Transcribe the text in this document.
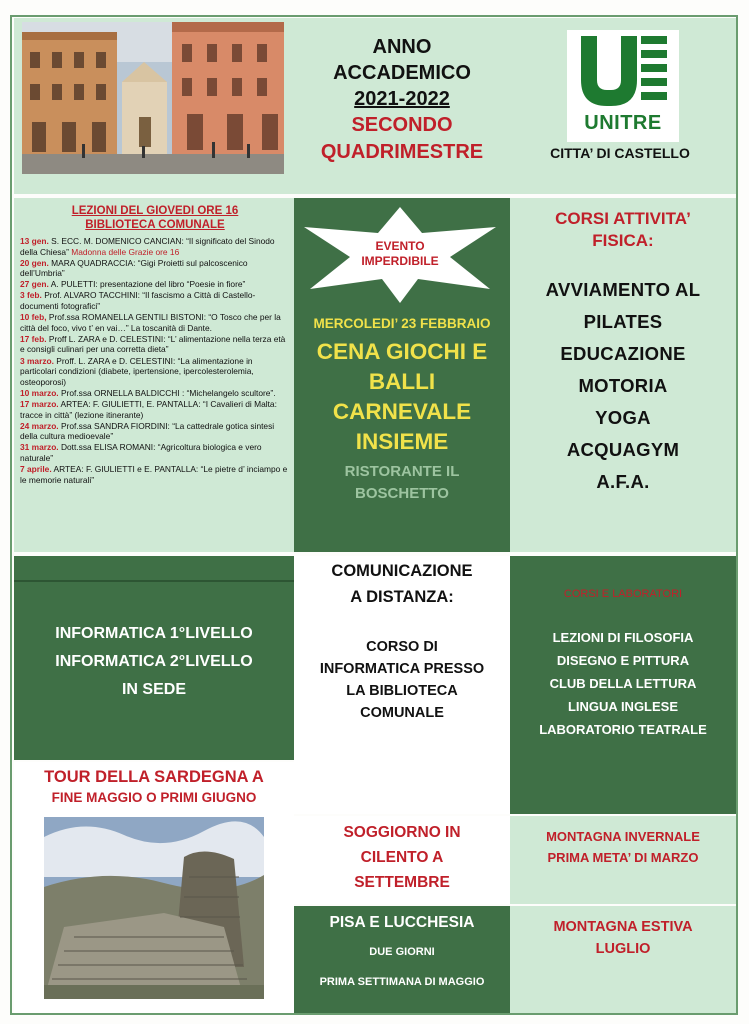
ANNO
ACCADEMICO
2021-2022
SECONDO
QUADRIMESTRE
UNITRE
CITTA’ DI CASTELLO
LEZIONI DEL GIOVEDI ORE 16
BIBLIOTECA COMUNALE
13 gen. S. ECC. M. DOMENICO CANCIAN: “Il significato del Sinodo della Chiesa” Madonna delle Grazie ore 16
20 gen. MARA QUADRACCIA: “Gigi Proietti sul palcoscenico dell’Umbria”
27 gen. A. PULETTI: presentazione del libro “Poesie in fiore”
3 feb. Prof. ALVARO TACCHINI: “Il fascismo a Città di Castello-documenti fotografici”
10 feb, Prof.ssa ROMANELLA GENTILI BISTONI: “O Tosco che per la città del foco, vivo t’ en vai…” La toscanità di Dante.
17 feb. Proff L. ZARA e D. CELESTINI: “L’ alimentazione nella terza età e consigli culinari per una corretta dieta”
3 marzo. Proff. L. ZARA e D. CELESTINI: “La alimentazione in particolari condizioni (diabete, ipertensione, ipercolesterolemia, osteoporosi)
10 marzo. Prof.ssa ORNELLA BALDICCHI : “Michelangelo scultore”.
17 marzo. ARTEA: F. GIULIETTI, E. PANTALLA: “I Cavalieri di Malta: tracce in città” (lezione itinerante)
24 marzo. Prof.ssa SANDRA FIORDINI: “La cattedrale gotica sintesi della cultura medioevale”
31 marzo. Dott.ssa ELISA ROMANI: “Agricoltura biologica e vero naturale”
7 aprile. ARTEA: F. GIULIETTI e E. PANTALLA: “Le pietre d’ inciampo e le memorie naturali”
EVENTO
IMPERDIBILE
MERCOLEDI’ 23 FEBBRAIO
CENA GIOCHI E
BALLI
CARNEVALE
INSIEME
RISTORANTE IL
BOSCHETTO
CORSI ATTIVITA’
FISICA:
AVVIAMENTO AL
PILATES
EDUCAZIONE
MOTORIA
YOGA
ACQUAGYM
A.F.A.
INFORMATICA 1°LIVELLO
INFORMATICA 2°LIVELLO
IN SEDE
COMUNICAZIONE
A DISTANZA:
CORSO DI
INFORMATICA PRESSO
LA BIBLIOTECA
COMUNALE
CORSI E LABORATORI
LEZIONI DI FILOSOFIA
DISEGNO E PITTURA
CLUB DELLA LETTURA
LINGUA INGLESE
LABORATORIO TEATRALE
TOUR DELLA SARDEGNA A
FINE MAGGIO O PRIMI GIUGNO
SOGGIORNO IN
CILENTO A
SETTEMBRE
MONTAGNA INVERNALE
PRIMA META’ DI MARZO
PISA E LUCCHESIA
DUE GIORNI
PRIMA SETTIMANA DI MAGGIO
MONTAGNA ESTIVA
LUGLIO
